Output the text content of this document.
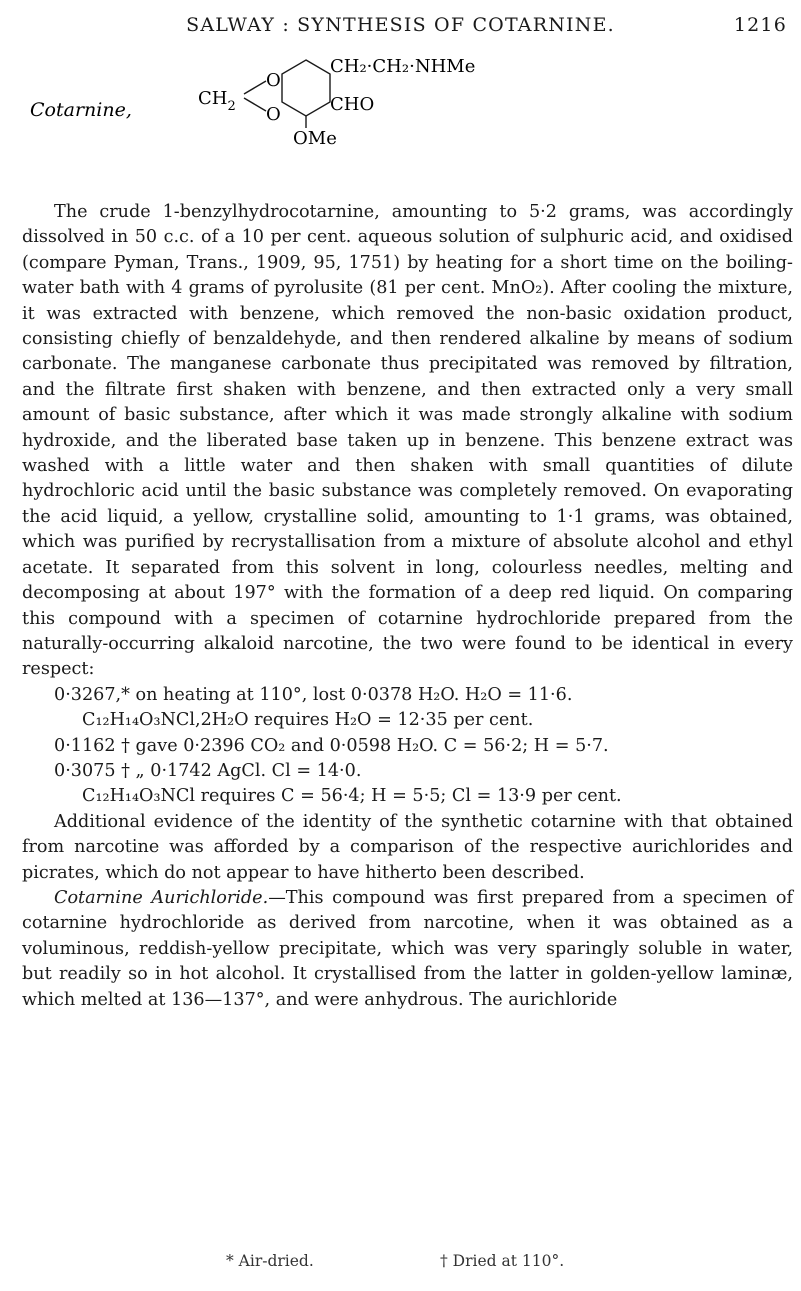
SALWAY : SYNTHESIS OF COTARNINE.	1216
Cotarnine,
$CH_2$
O
O
CH₂·CH₂·NHMe
CHO
OMe

The crude 1-benzylhydrocotarnine, amounting to 5·2 grams, was accordingly dissolved in 50 c.c. of a 10 per cent. aqueous solution of sulphuric acid, and oxidised (compare Pyman, Trans., 1909, 95, 1751) by heating for a short time on the boiling-water bath with 4 grams of pyrolusite (81 per cent. MnO₂). After cooling the mixture, it was extracted with benzene, which removed the non-basic oxidation product, consisting chiefly of benzaldehyde, and then rendered alkaline by means of sodium carbonate. The manganese carbonate thus precipitated was removed by filtration, and the filtrate first shaken with benzene, and then extracted only a very small amount of basic substance, after which it was made strongly alkaline with sodium hydroxide, and the liberated base taken up in benzene. This benzene extract was washed with a little water and then shaken with small quantities of dilute hydrochloric acid until the basic substance was completely removed. On evaporating the acid liquid, a yellow, crystalline solid, amounting to 1·1 grams, was obtained, which was purified by recrystallisation from a mixture of absolute alcohol and ethyl acetate. It separated from this solvent in long, colourless needles, melting and decomposing at about 197° with the formation of a deep red liquid. On comparing this compound with a specimen of cotarnine hydrochloride prepared from the naturally-occurring alkaloid narcotine, the two were found to be identical in every respect:

0·3267,* on heating at 110°, lost 0·0378 H₂O. H₂O = 11·6.
C₁₂H₁₄O₃NCl,2H₂O requires H₂O = 12·35 per cent.
0·1162 † gave 0·2396 CO₂ and 0·0598 H₂O. C = 56·2; H = 5·7.
0·3075 † „ 0·1742 AgCl. Cl = 14·0.
C₁₂H₁₄O₃NCl requires C = 56·4; H = 5·5; Cl = 13·9 per cent.

Additional evidence of the identity of the synthetic cotarnine with that obtained from narcotine was afforded by a comparison of the respective aurichlorides and picrates, which do not appear to have hitherto been described.

Cotarnine Aurichloride.—This compound was first prepared from a specimen of cotarnine hydrochloride as derived from narcotine, when it was obtained as a voluminous, reddish-yellow precipitate, which was very sparingly soluble in water, but readily so in hot alcohol. It crystallised from the latter in golden-yellow laminæ, which melted at 136—137°, and were anhydrous. The aurichloride

* Air-dried.	† Dried at 110°.
